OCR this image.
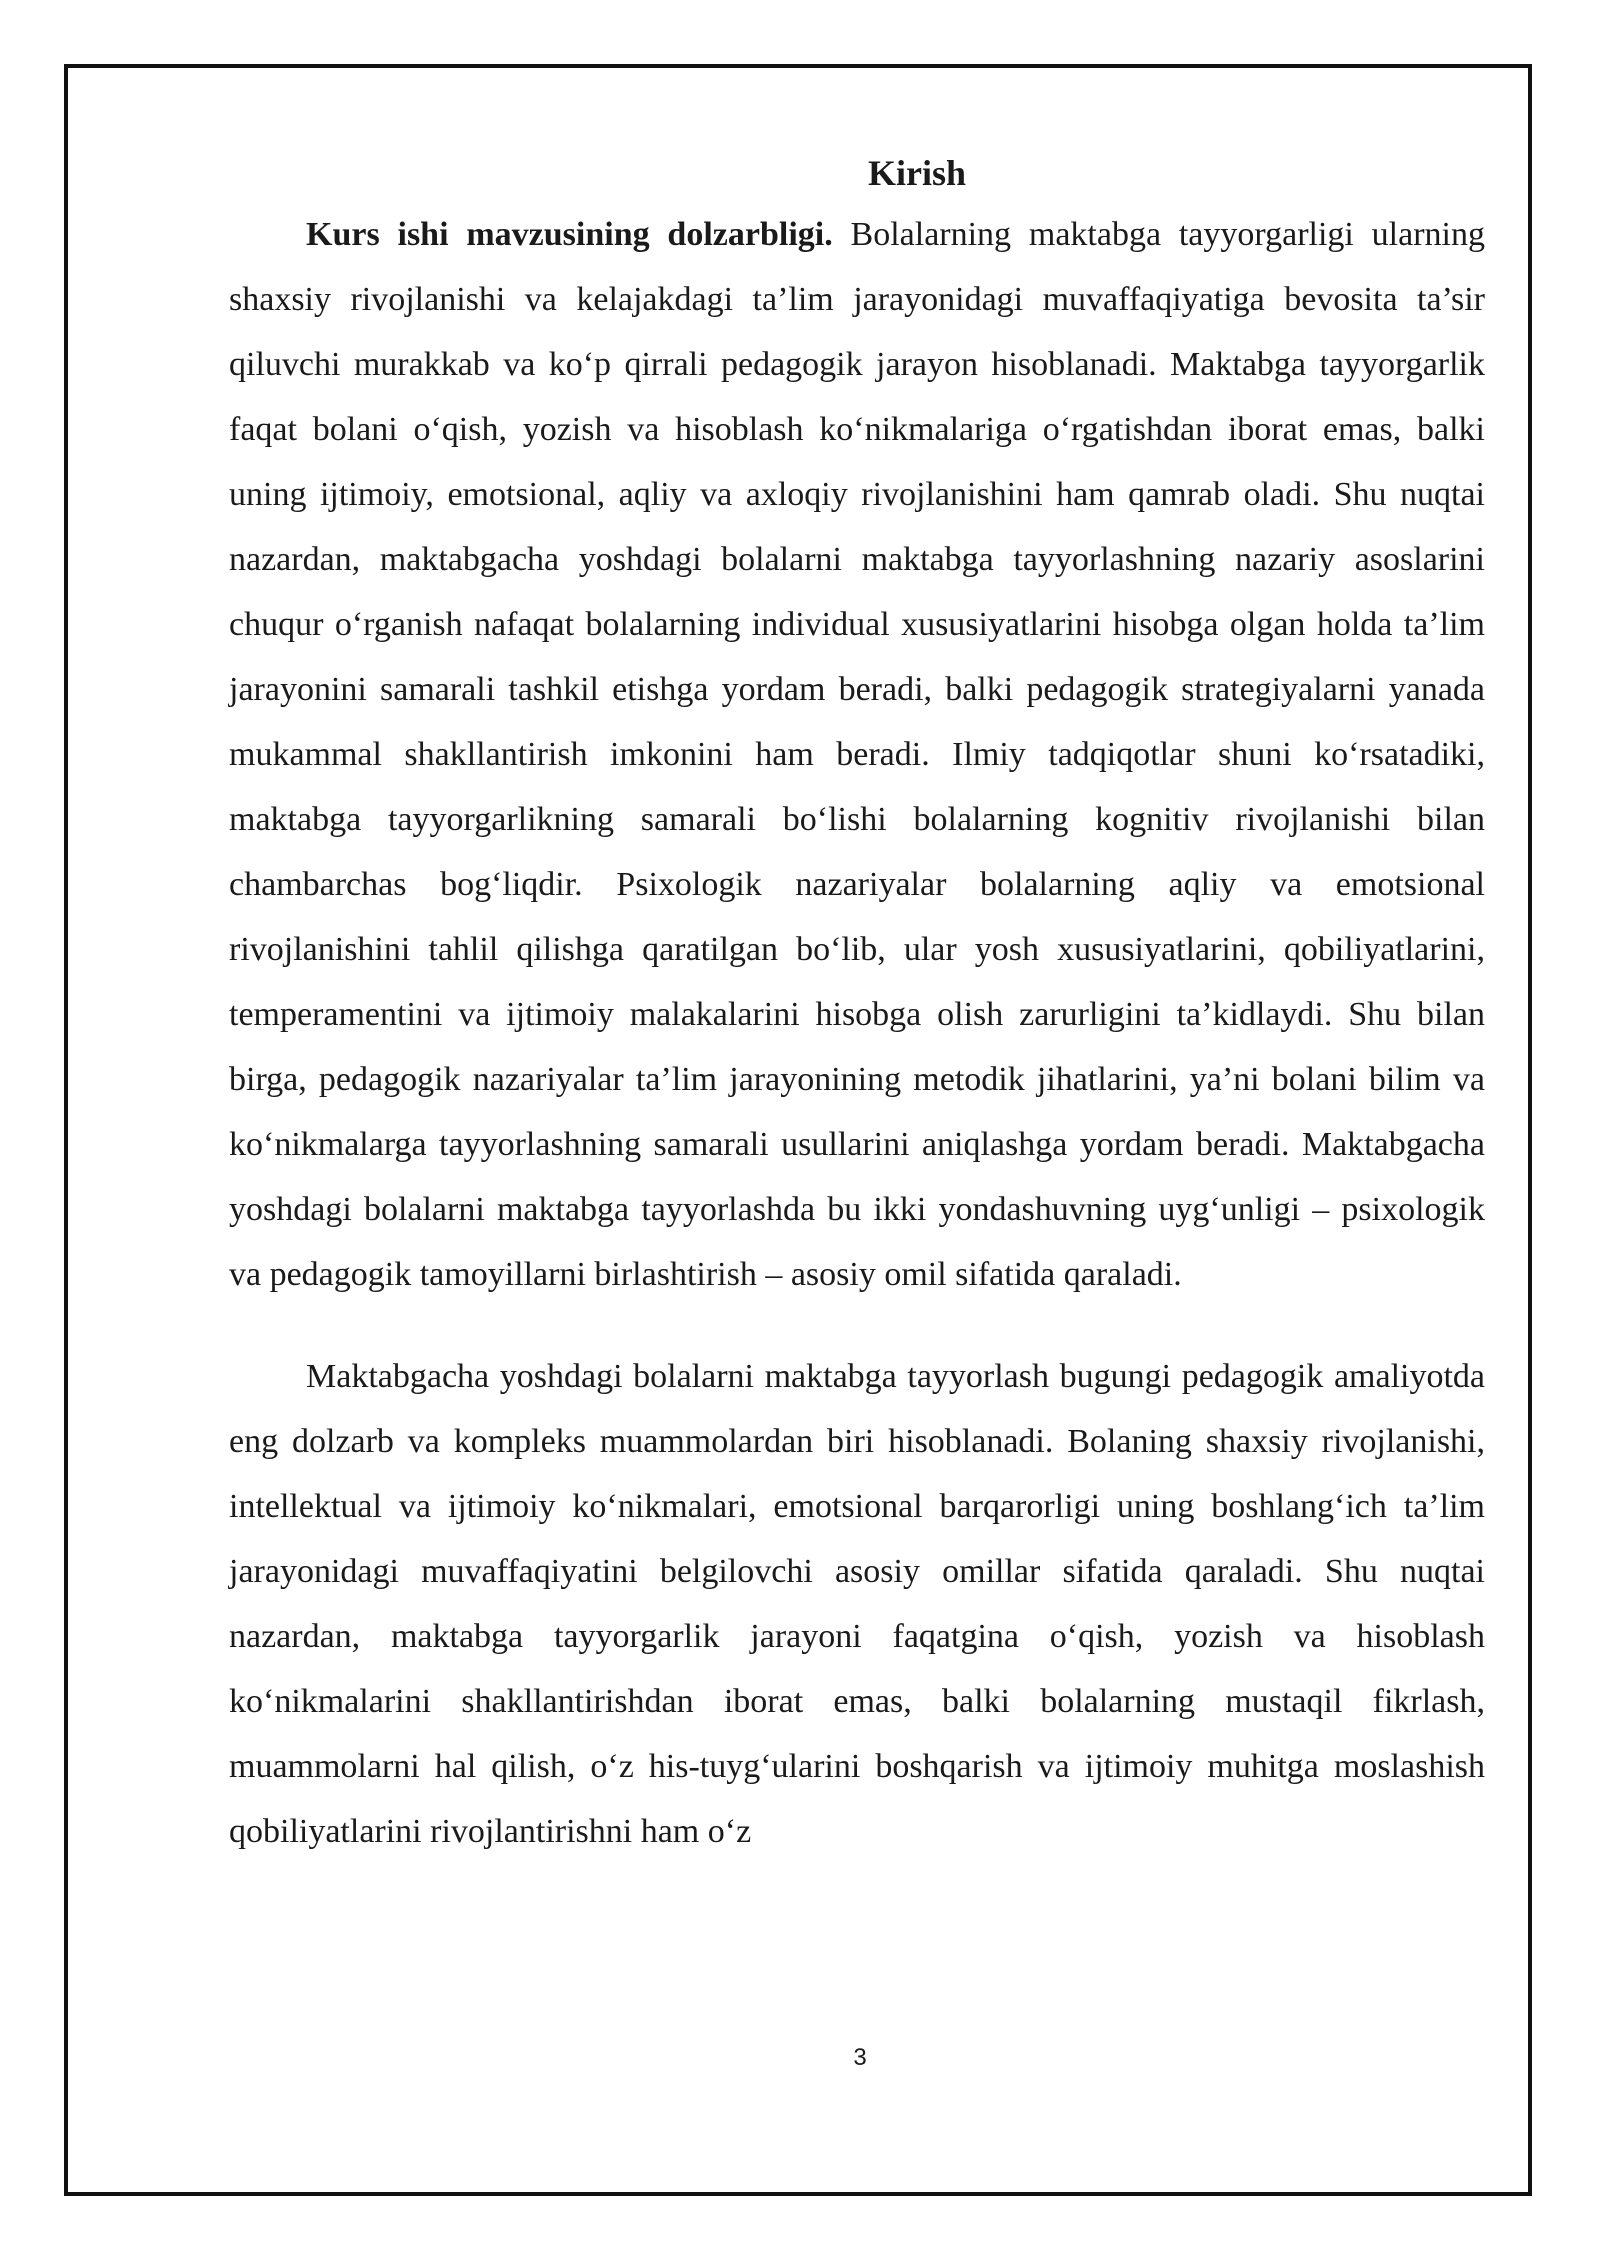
Kirish

Kurs ishi mavzusining dolzarbligi. Bolalarning maktabga tayyorgarligi ularning shaxsiy rivojlanishi va kelajakdagi ta’lim jarayonidagi muvaffaqiyatiga bevosita ta’sir qiluvchi murakkab va ko‘p qirrali pedagogik jarayon hisoblanadi. Maktabga tayyorgarlik faqat bolani o‘qish, yozish va hisoblash ko‘nikmalariga o‘rgatishdan iborat emas, balki uning ijtimoiy, emotsional, aqliy va axloqiy rivojlanishini ham qamrab oladi. Shu nuqtai nazardan, maktabgacha yoshdagi bolalarni maktabga tayyorlashning nazariy asoslarini chuqur o‘rganish nafaqat bolalarning individual xususiyatlarini hisobga olgan holda ta’lim jarayonini samarali tashkil etishga yordam beradi, balki pedagogik strategiyalarni yanada mukammal shakllantirish imkonini ham beradi. Ilmiy tadqiqotlar shuni ko‘rsatadiki, maktabga tayyorgarlikning samarali bo‘lishi bolalarning kognitiv rivojlanishi bilan chambarchas bog‘liqdir. Psixologik nazariyalar bolalarning aqliy va emotsional rivojlanishini tahlil qilishga qaratilgan bo‘lib, ular yosh xususiyatlarini, qobiliyatlarini, temperamentini va ijtimoiy malakalarini hisobga olish zarurligini ta’kidlaydi. Shu bilan birga, pedagogik nazariyalar ta’lim jarayonining metodik jihatlarini, ya’ni bolani bilim va ko‘nikmalarga tayyorlashning samarali usullarini aniqlashga yordam beradi. Maktabgacha yoshdagi bolalarni maktabga tayyorlashda bu ikki yondashuvning uyg‘unligi – psixologik va pedagogik tamoyillarni birlashtirish – asosiy omil sifatida qaraladi.

Maktabgacha yoshdagi bolalarni maktabga tayyorlash bugungi pedagogik amaliyotda eng dolzarb va kompleks muammolardan biri hisoblanadi. Bolaning shaxsiy rivojlanishi, intellektual va ijtimoiy ko‘nikmalari, emotsional barqarorligi uning boshlang‘ich ta’lim jarayonidagi muvaffaqiyatini belgilovchi asosiy omillar sifatida qaraladi. Shu nuqtai nazardan, maktabga tayyorgarlik jarayoni faqatgina o‘qish, yozish va hisoblash ko‘nikmalarini shakllantirishdan iborat emas, balki bolalarning mustaqil fikrlash, muammolarni hal qilish, o‘z his-tuyg‘ularini boshqarish va ijtimoiy muhitga moslashish qobiliyatlarini rivojlantirishni ham o‘z

3
